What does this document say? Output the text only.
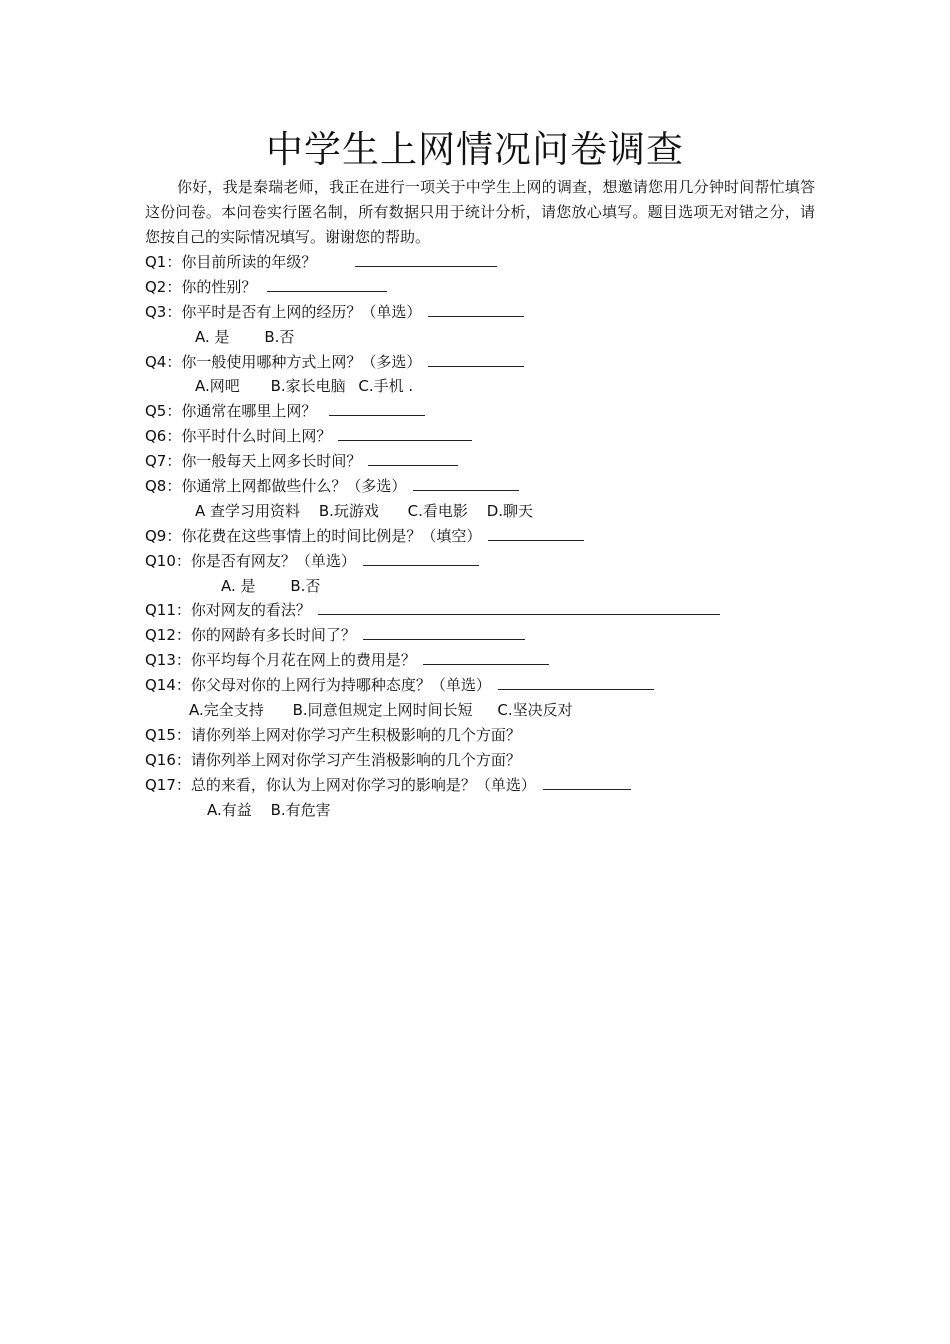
中学生上网情况问卷调查
你好，我是秦瑞老师，我正在进行一项关于中学生上网的调查，想邀请您用几分钟时间帮忙填答这份问卷。本问卷实行匿名制，所有数据只用于统计分析，请您放心填写。题目选项无对错之分，请您按自己的实际情况填写。谢谢您的帮助。
Q1：你目前所读的年级？
Q2：你的性别？
Q3：你平时是否有上网的经历？（单选）
A. 是 B.否
Q4：你一般使用哪种方式上网？（多选）
A.网吧 B.家长电脑 C.手机 .
Q5：你通常在哪里上网？
Q6：你平时什么时间上网？
Q7：你一般每天上网多长时间？
Q8：你通常上网都做些什么？（多选）
A 查学习用资料 B.玩游戏 C.看电影 D.聊天
Q9：你花费在这些事情上的时间比例是？（填空）
Q10：你是否有网友？（单选）
A. 是 B.否
Q11：你对网友的看法？
Q12：你的网龄有多长时间了？
Q13：你平均每个月花在网上的费用是？
Q14：你父母对你的上网行为持哪种态度？（单选）
A.完全支持 B.同意但规定上网时间长短 C.坚决反对
Q15：请你列举上网对你学习产生积极影响的几个方面？
Q16：请你列举上网对你学习产生消极影响的几个方面？
Q17：总的来看，你认为上网对你学习的影响是？（单选）
A.有益 B.有危害
